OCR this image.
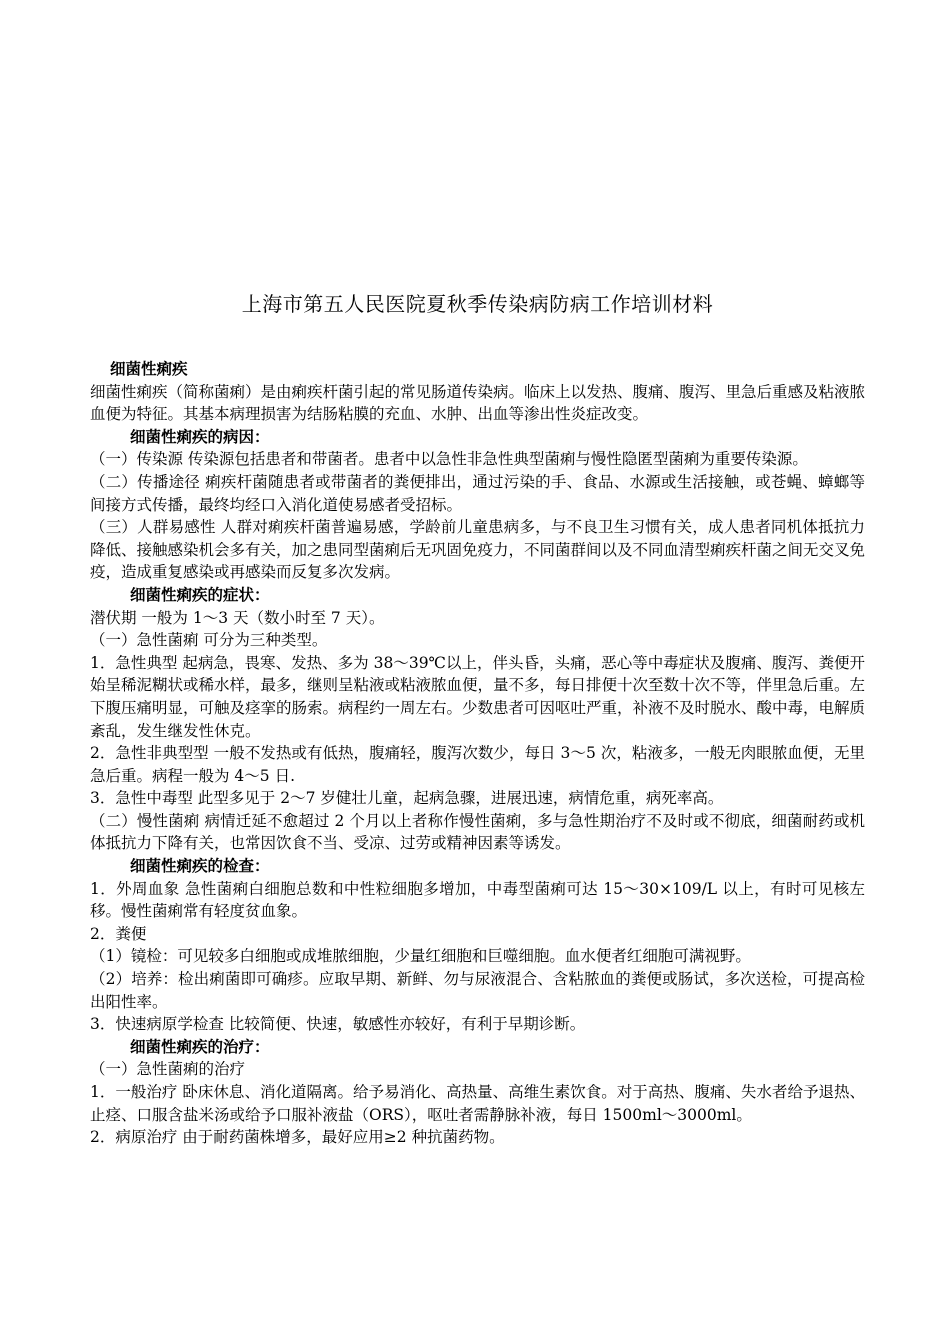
上海市第五人民医院夏秋季传染病防病工作培训材料

细菌性痢疾

细菌性痢疾（简称菌痢）是由痢疾杆菌引起的常见肠道传染病。临床上以发热、腹痛、腹泻、里急后重感及粘液脓血便为特征。其基本病理损害为结肠粘膜的充血、水肿、出血等渗出性炎症改变。

细菌性痢疾的病因：

（一）传染源 传染源包括患者和带菌者。患者中以急性非急性典型菌痢与慢性隐匿型菌痢为重要传染源。

（二）传播途径 痢疾杆菌随患者或带菌者的粪便排出，通过污染的手、食品、水源或生活接触，或苍蝇、蟑螂等间接方式传播，最终均经口入消化道使易感者受招标。

（三）人群易感性 人群对痢疾杆菌普遍易感，学龄前儿童患病多，与不良卫生习惯有关，成人患者同机体抵抗力降低、接触感染机会多有关，加之患同型菌痢后无巩固免疫力，不同菌群间以及不同血清型痢疾杆菌之间无交叉免疫，造成重复感染或再感染而反复多次发病。

细菌性痢疾的症状：

潜伏期 一般为 1～3 天（数小时至 7 天）。

（一）急性菌痢 可分为三种类型。

1．急性典型 起病急，畏寒、发热、多为 38～39℃以上，伴头昏，头痛，恶心等中毒症状及腹痛、腹泻、粪便开始呈稀泥糊状或稀水样，最多，继则呈粘液或粘液脓血便，量不多，每日排便十次至数十次不等，伴里急后重。左下腹压痛明显，可触及痉挛的肠索。病程约一周左右。少数患者可因呕吐严重，补液不及时脱水、酸中毒，电解质紊乱，发生继发性休克。

2．急性非典型型 一般不发热或有低热，腹痛轻，腹泻次数少，每日 3～5 次，粘液多，一般无肉眼脓血便，无里急后重。病程一般为 4～5 日.

3．急性中毒型 此型多见于 2～7 岁健壮儿童，起病急骤，进展迅速，病情危重，病死率高。

（二）慢性菌痢 病情迁延不愈超过 2 个月以上者称作慢性菌痢，多与急性期治疗不及时或不彻底，细菌耐药或机体抵抗力下降有关，也常因饮食不当、受凉、过劳或精神因素等诱发。

细菌性痢疾的检查：

1．外周血象 急性菌痢白细胞总数和中性粒细胞多增加，中毒型菌痢可达 15～30×109/L 以上，有时可见核左移。慢性菌痢常有轻度贫血象。

2．粪便

（1）镜检：可见较多白细胞或成堆脓细胞，少量红细胞和巨噬细胞。血水便者红细胞可满视野。

（2）培养：检出痢菌即可确疹。应取早期、新鲜、勿与尿液混合、含粘脓血的粪便或肠试，多次送检，可提高检出阳性率。

3．快速病原学检查 比较简便、快速，敏感性亦较好，有利于早期诊断。

细菌性痢疾的治疗：

（一）急性菌痢的治疗

1．一般治疗 卧床休息、消化道隔离。给予易消化、高热量、高维生素饮食。对于高热、腹痛、失水者给予退热、止痉、口服含盐米汤或给予口服补液盐（ORS），呕吐者需静脉补液，每日 1500ml～3000ml。

2．病原治疗 由于耐药菌株增多，最好应用≥2 种抗菌药物。
